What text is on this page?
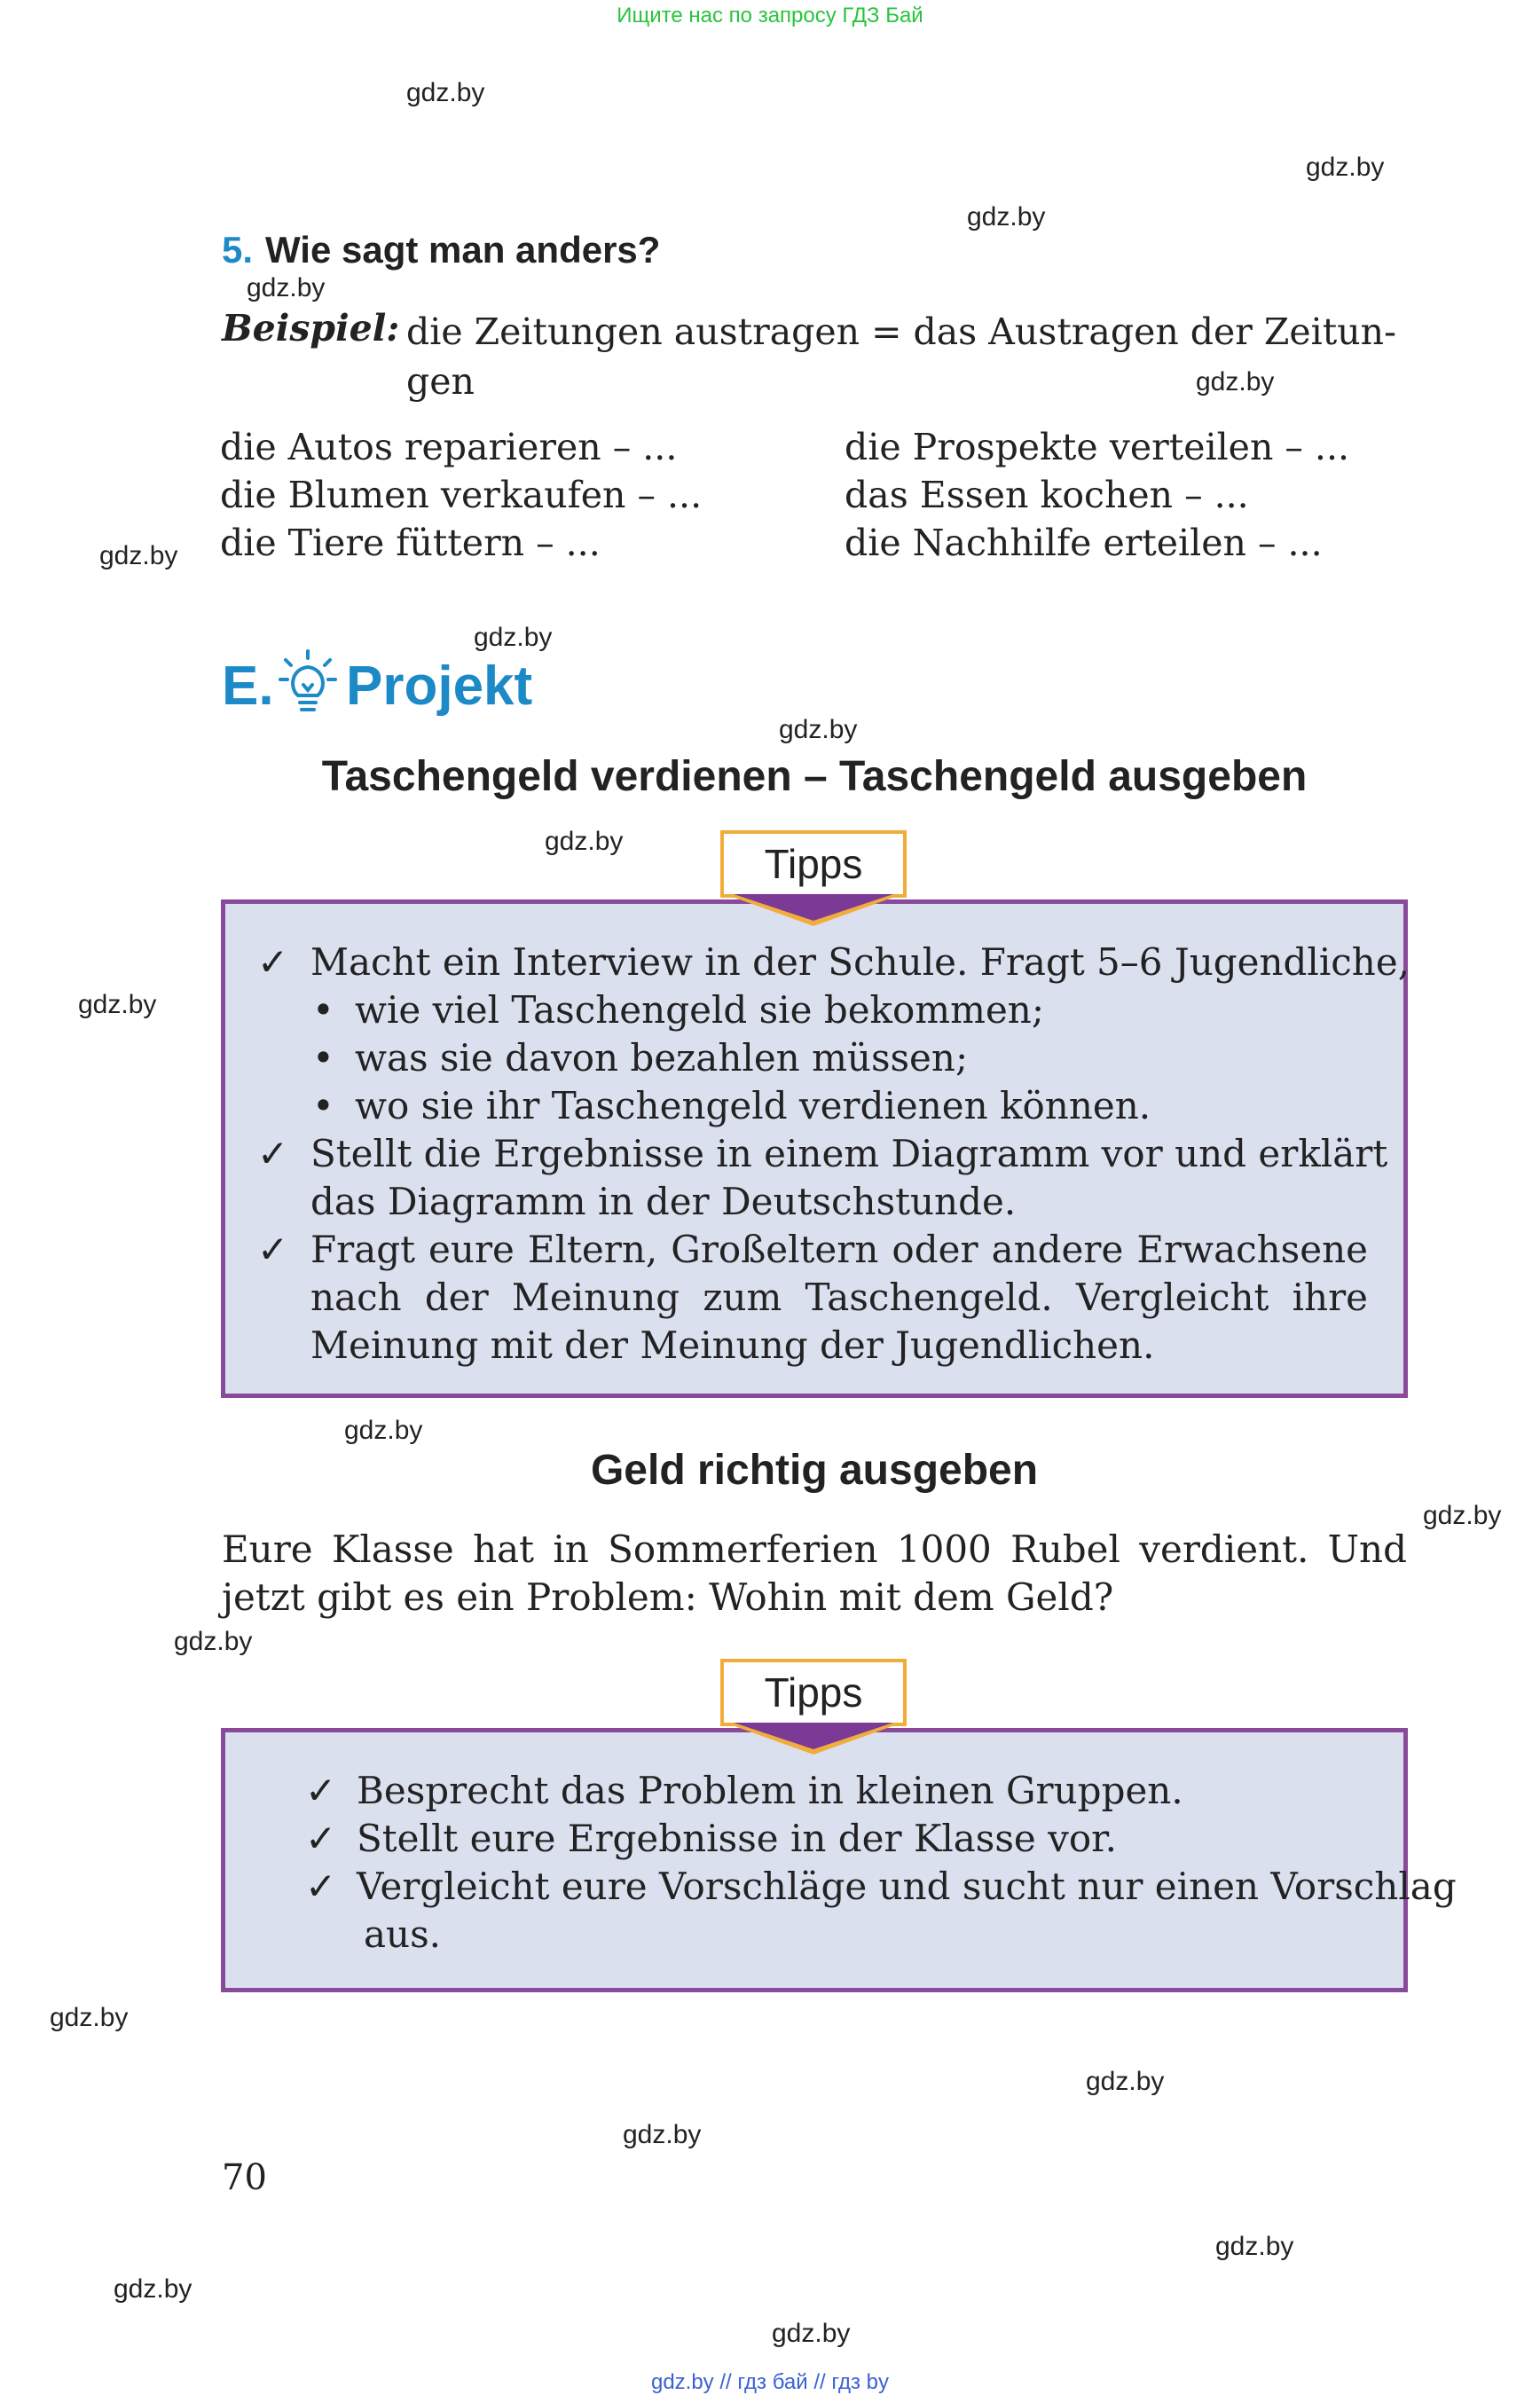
Ищите нас по запросу ГДЗ Бай
gdz.by
gdz.by
gdz.by
gdz.by
gdz.by
gdz.by
gdz.by
gdz.by
gdz.by
gdz.by
gdz.by
gdz.by
gdz.by
gdz.by
gdz.by
gdz.by
gdz.by
gdz.by
gdz.by
5. Wie sagt man anders?
Beispiel: die Zeitungen austragen = das Austragen der Zeitun- gen
die Autos reparieren – ...
die Blumen verkaufen – ...
die Tiere füttern – ...
die Prospekte verteilen – ...
das Essen kochen – ...
die Nachhilfe erteilen – ...
E. Projekt
Taschengeld verdienen – Taschengeld ausgeben
Tipps
✓ Macht ein Interview in der Schule. Fragt 5–6 Jugendliche,
• wie viel Taschengeld sie bekommen;
• was sie davon bezahlen müssen;
• wo sie ihr Taschengeld verdienen können.
✓ Stellt die Ergebnisse in einem Diagramm vor und erklärt
das Diagramm in der Deutschstunde.
✓ Fragt eure Eltern, Großeltern oder andere Erwachsene
nach der Meinung zum Taschengeld. Vergleicht ihre
Meinung mit der Meinung der Jugendlichen.
Geld richtig ausgeben
Eure Klasse hat in Sommerferien 1000 Rubel verdient. Und
jetzt gibt es ein Problem: Wohin mit dem Geld?
Tipps
✓ Besprecht das Problem in kleinen Gruppen.
✓ Stellt eure Ergebnisse in der Klasse vor.
✓ Vergleicht eure Vorschläge und sucht nur einen Vorschlag
aus.
70
gdz.by // гдз бай // гдз by
